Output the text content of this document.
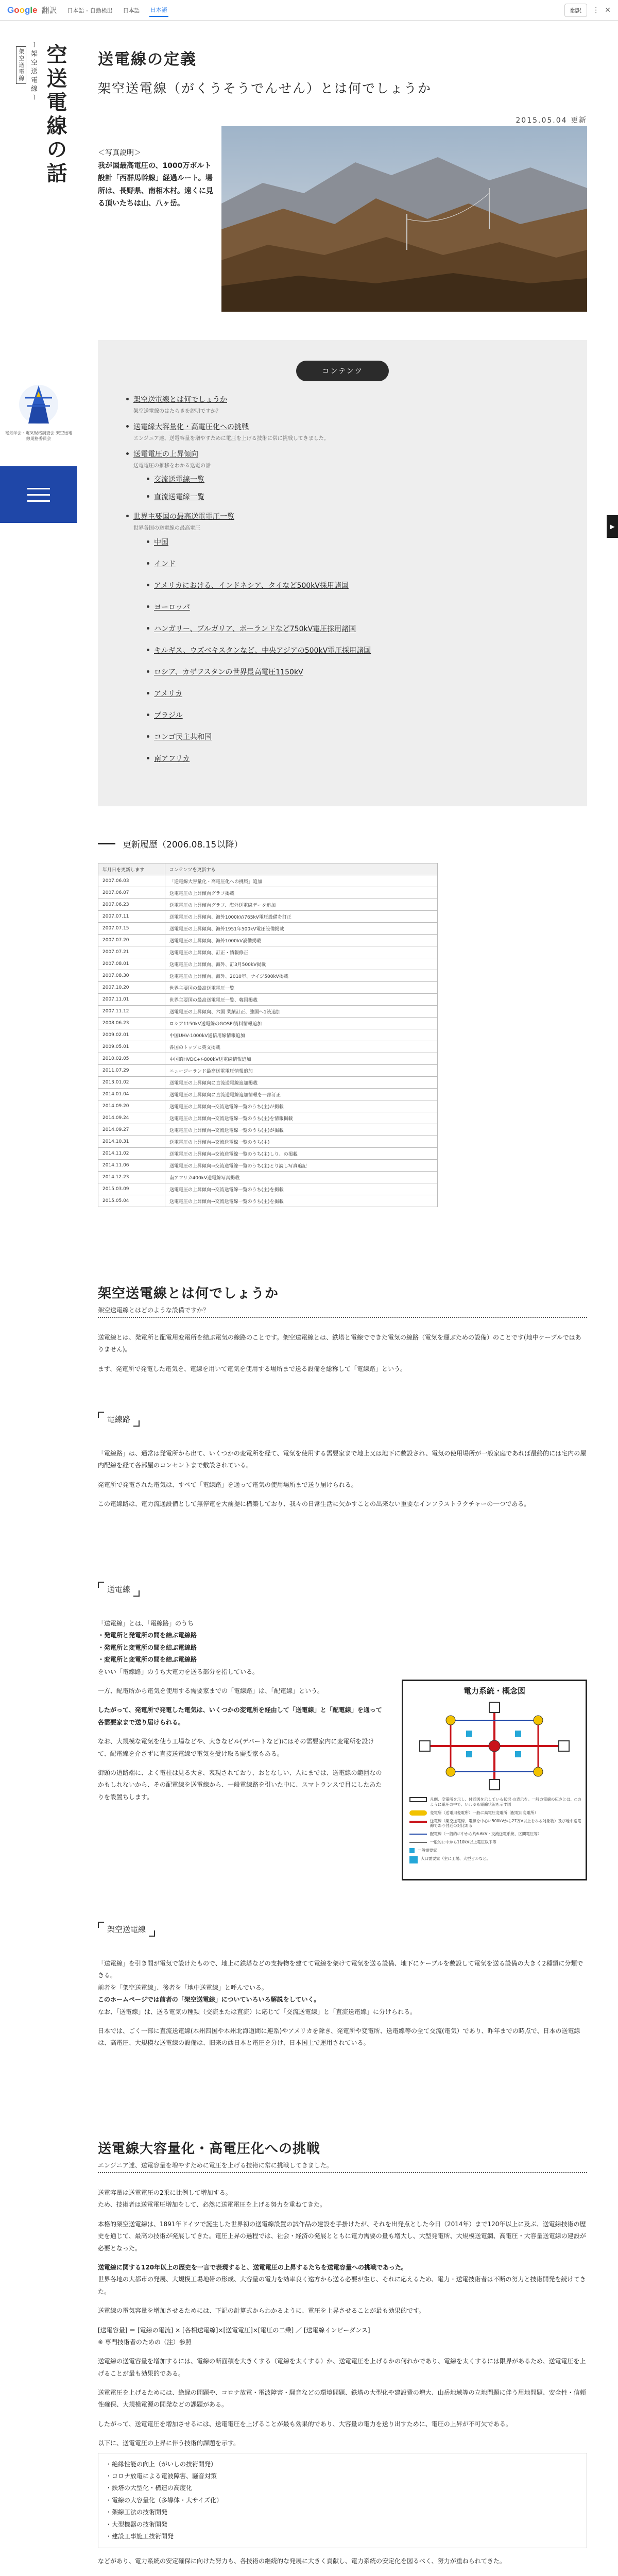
Google 翻訳 日本語 - 自動検出 日本語 日本語	翻訳	⋮ ✕
架空送電線 ー架空送電線ー 空送電線の話
電気学会・電気規格調査会 架空送電線規格委員会
▶
送電線の定義
架空送電線（がくうそうでんせん）とは何でしょうか
2015.05.04 更新
＜写真説明＞
我が国最高電圧の、1000万ボルト設計「西群馬幹線」経過ルート。場所は、長野県、南相木村。遠くに見る頂いたちは山、八ヶ岳。
コンテンツ
架空送電線とは何でしょうか
架空送電線のはたらきを説明ですか？
送電線大容量化・高電圧化への挑戦
エンジニア達、送電容量を増やすために電圧を上げる技術に常に挑戦してきました。
送電電圧の上昇傾向
送電電圧の推移をわかる送電の話
交流送電線一覧
直流送電線一覧
世界主要国の最高送電電圧一覧
世界各国の送電線の最高電圧
中国
インド
アメリカにおける、インドネシア、タイなど500kV採用諸国
ヨーロッパ
ハンガリー、ブルガリア、ボーランドなど750kV電圧採用諸国
キルギス、ウズベキスタンなど、中央アジアの500kV電圧採用諸国
ロシア、カザフスタンの世界最高電圧1150kV
アメリカ
ブラジル
コンゴ民主共和国
南アフリカ
更新履歴（2006.08.15以降）
年月日を更新します	コンテンツを更新する
2007.06.03	「送電線大容量化・高電圧化への挑戦」追加
2007.06.07	送電電圧の上昇傾向グラフ掲載
2007.06.23	送電電圧の上昇傾向グラフ、海外送電線データ追加
2007.07.11	送電電圧の上昇傾向、海外1000kV/765kV電圧設備を訂正
2007.07.15	送電電圧の上昇傾向、海外1951年500kV電圧設備掲載
2007.07.20	送電電圧の上昇傾向、海外1000kV設備掲載
2007.07.21	送電電圧の上昇傾向、訂正・情報修正
2007.08.01	送電電圧の上昇傾向、海外、訂3月500kV掲載
2007.08.30	送電電圧の上昇傾向、海外、2010年、ナイジ500kV掲載
2007.10.20	世界主要国の最高送電電圧一覧
2007.11.01	世界主要国の最高送電電圧一覧、韓国掲載
2007.11.12	送電電圧の上昇傾向、六国 業績訂正、強国へ1統追加
2008.06.23	ロシア1150kV送電線のGOSPI資料情報追加
2009.02.01	中国UHV-1000kV通信用線情報追加
2009.05.01	各国のトップに英文掲載
2010.02.05	中国的HVDC+/-800kV送電線情報追加
2011.07.29	ニュージーランド最高送電電圧情報追加
2013.01.02	送電電圧の上昇傾向に直流送電線追加掲載
2014.01.04	送電電圧の上昇傾向に直流送電線追加情報を一部訂正
2014.09.20	送電電圧の上昇傾向→交流送電線一覧のうち(主)が掲載
2014.09.24	送電電圧の上昇傾向→交流送電線一覧のうち(主)を情報掲載
2014.09.27	送電電圧の上昇傾向→交流送電線一覧のうち(主)が掲載
2014.10.31	送電電圧の上昇傾向→交流送電線一覧のうち(主)
2014.11.02	送電電圧の上昇傾向→交流送電線一覧のうち(主)しり、の掲載
2014.11.06	送電電圧の上昇傾向→交流送電線一覧のうち(主)とり読し写真追記
2014.12.23	南アフリカ400kV送電線写真掲載
2015.03.09	送電電圧の上昇傾向→交流送電線一覧のうち(主)を掲載
2015.05.04	送電電圧の上昇傾向→交流送電線一覧のうち(主)を掲載
架空送電線とは何でしょうか
架空送電線とはどのような設備ですか？

送電線とは、発電所と配電用変電所を結ぶ電気の線路のことです。架空送電線とは、鉄塔と電線でできた電気の線路（電気を運ぶための設備）のことです(地中ケーブルではありません)。

まず、発電所で発電した電気を、電線を用いて電気を使用する場所まで送る設備を総称して「電線路」という。

電線路

「電線路」は、通常は発電所から出て、いくつかの変電所を経て、電気を使用する需要家まで地上又は地下に敷設され、電気の使用場所が一般家庭であれば最終的には宅内の屋内配線を経て各部屋のコンセントまで敷設されている。

発電所で発電された電気は、すべて「電線路」を通って電気の使用場所まで送り届けられる。

この電線路は、電力流通設備として無停電を大前提に構築しており、我々の日常生活に欠かすことの出来ない重要なインフラストラクチャーの一つである。

送電線

「送電線」とは、「電線路」のうち

・発電所と発電所の間を結ぶ電線路
・発電所と変電所の間を結ぶ電線路
・変電所と変電所の間を結ぶ電線路

をいい「電線路」のうち大電力を送る部分を指している。

一方、配電所から電気を使用する需要家までの「電線路」は、「配電線」という。

したがって、発電所で発電した電気は、いくつかの変電所を経由して「送電線」と「配電線」を通って各需要家まで送り届けられる。

なお、大規模な電気を使う工場などや、大きなビル(デパートなど)にはその需要家内に変電所を設けて、配電線を介さずに直接送電線で電気を受け取る需要家もある。

街頭の道路端に、よく電柱は見る大き、表現されており、おとなしい、人にまでは、送電線の範囲なのかもしれないから、その配電線を送電線から、一般電線路を引いた中に、スマトランスで目にしたあたりを設置ちします。

電力系統・概念図
凡例、変電所を示し、付近図を示している状況 の表示を。一般の電線の広さとは、○のように電圧の中で、いわゆる電線状況を示す図
変電所（送電用変電所）一般に高電圧変電所（配電用変電所）
送電線（架空送電線、電線を中心に500kVから27万V以上をみる対象物）及び地中送電線であり付近の対比ある
配電線（一般的に中から約6.6kV・交流送電系統、区間電圧等）
一般的に中から110kV以上電圧以下等
一般需要家
大口需要家（主に工場、大型ビルなど。
架空送電線

「送電線」を引き間が電気で設けたもので、地上に鉄塔などの支持物を建てて電線を架けて電気を送る設備、地下にケーブルを敷設して電気を送る設備の大きく2種類に分類できる。

前者を「架空送電線」、後者を「地中送電線」と呼んでいる。

このホームページでは前者の「架空送電線」についていろいろ解説をしていく。

なお、「送電線」は、送る電気の種類（交流または直流）に応じて「交流送電線」と「直流送電線」に分けられる。

日本では、ごく一部に直流送電線(本州四国や本州北海道間に連系)やアメリカを除き、発電所や変電所、送電線等の全て交流(電気）であり、昨年までの時点で、日本の送電線は、高電圧、大規模な送電線の設備は、旧来の西日本と電圧を分け、日本国土で運用されている。

送電線大容量化・高電圧化への挑戦
エンジニア達、送電容量を増やすために電圧を上げる技術に常に挑戦してきました。

送電容量は送電電圧の2乗に比例して増加する。

ため、技術者は送電電圧増加をして、必然に送電電圧を上げる努力を重ねてきた。

本格的架空送電線は、1891年ドイツで誕生した世界初の送電線設置の試作品の建設を手掛けたが、それを出発点とした今日（2014年）まで120年以上に及ぶ、送電線技術の歴史を通じて、最高の技術が発展してきた。電圧上昇の過程では、社会・経済の発展とともに電力需要の量も増大し、大型発電所、大規模送電網、高電圧・大容量送電線の建設が必要となった。

送電線に関する120年以上の歴史を一言で表現すると、送電電圧の上昇するたちを送電容量への挑戦であった。

世界各地の大都市の発展、大規模工場地帯の形成、大容量の電力を効率良く遠方から送る必要が生じ、それに応えるため、電力・送電技術者は不断の努力と技術開発を続けてきた。

送電線の電気容量を増加させるためには、下記の計算式からわかるように、電圧を上昇させることが最も効果的です。

[送電容量] ＝ [電線の電流] × [各相送電線]×[送電電圧]×[電圧の二乗] ／ [送電線インピーダンス]

※ 専門技術者のための（注）参照

送電線の送電容量を増加するには、電線の断面積を大きくする（電線を太くする）か、送電電圧を上げるかの何れかであり、電線を太くするには限界があるため、送電電圧を上げることが最も効果的である。

送電電圧を上げるためには、絶縁の問題や、コロナ放電・電波障害・騒音などの環境問題、鉄塔の大型化や建設費の増大、山岳地域等の立地問題に伴う用地問題、安全性・信頼性確保、大規模電源の開発などの課題がある。

したがって、送電電圧を増加させるには、送電電圧を上げることが最も効果的であり、大容量の電力を送り出すために、電圧の上昇が不可欠である。

以下に、送電電圧の上昇に伴う技術的課題を示す。

・絶縁性能の向上（がいしの技術開発）
・コロナ放電による電波障害、騒音対策
・鉄塔の大型化・構造の高度化
・電線の大容量化（多導体・大サイズ化）
・架線工法の技術開発
・大型機器の技術開発
・建設工事施工技術開発

などがあり、電力系統の安定確保に向けた努力も、各技術の継続的な発展に大きく貢献し、電力系統の安定化を図るべく、努力が重ねられてきた。
